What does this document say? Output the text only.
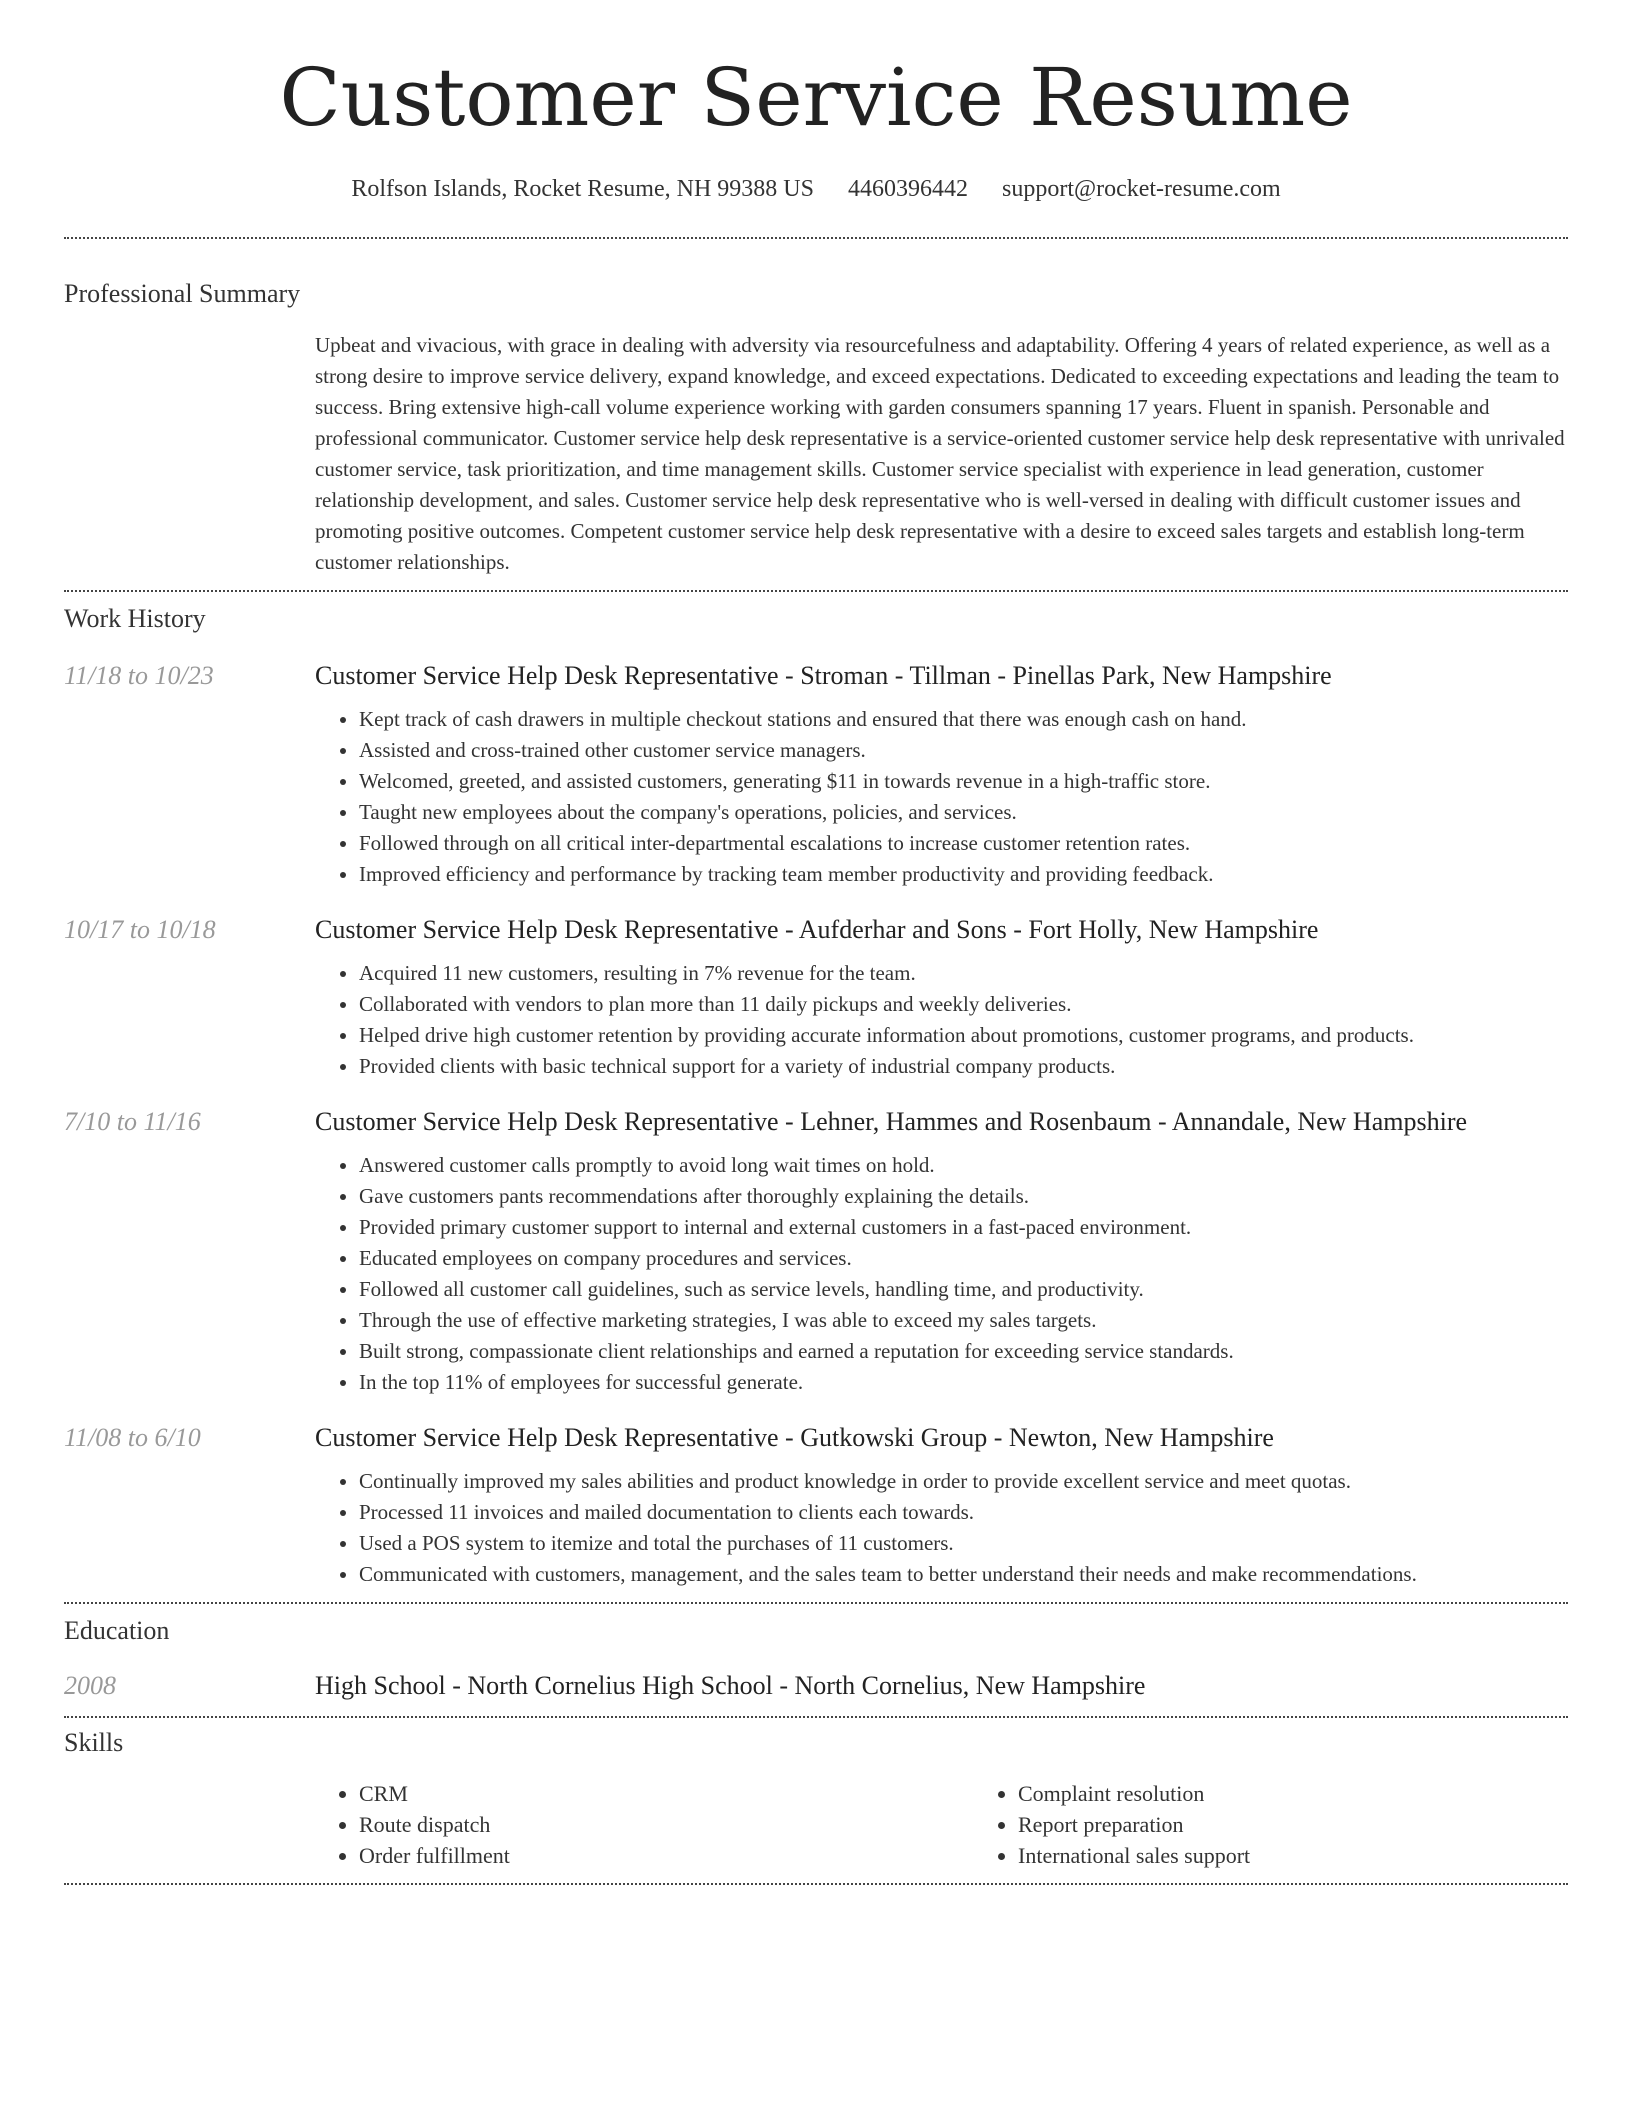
Customer Service Resume
Rolfson Islands, Rocket Resume, NH 99388 US 4460396442 support@rocket-resume.com
Professional Summary

Upbeat and vivacious, with grace in dealing with adversity via resourcefulness and adaptability. Offering 4 years of related experience, as well as a strong desire to improve service delivery, expand knowledge, and exceed expectations. Dedicated to exceeding expectations and leading the team to success. Bring extensive high-call volume experience working with garden consumers spanning 17 years. Fluent in spanish. Personable and professional communicator. Customer service help desk representative is a service-oriented customer service help desk representative with unrivaled customer service, task prioritization, and time management skills. Customer service specialist with experience in lead generation, customer relationship development, and sales. Customer service help desk representative who is well-versed in dealing with difficult customer issues and promoting positive outcomes. Competent customer service help desk representative with a desire to exceed sales targets and establish long-term customer relationships.

Work History
11/18 to 10/23	Customer Service Help Desk Representative - Stroman - Tillman - Pinellas Park, New Hampshire
• Kept track of cash drawers in multiple checkout stations and ensured that there was enough cash on hand.
• Assisted and cross-trained other customer service managers.
• Welcomed, greeted, and assisted customers, generating $11 in towards revenue in a high-traffic store.
• Taught new employees about the company's operations, policies, and services.
• Followed through on all critical inter-departmental escalations to increase customer retention rates.
• Improved efficiency and performance by tracking team member productivity and providing feedback.
10/17 to 10/18	Customer Service Help Desk Representative - Aufderhar and Sons - Fort Holly, New Hampshire
• Acquired 11 new customers, resulting in 7% revenue for the team.
• Collaborated with vendors to plan more than 11 daily pickups and weekly deliveries.
• Helped drive high customer retention by providing accurate information about promotions, customer programs, and products.
• Provided clients with basic technical support for a variety of industrial company products.
7/10 to 11/16	Customer Service Help Desk Representative - Lehner, Hammes and Rosenbaum - Annandale, New Hampshire
• Answered customer calls promptly to avoid long wait times on hold.
• Gave customers pants recommendations after thoroughly explaining the details.
• Provided primary customer support to internal and external customers in a fast-paced environment.
• Educated employees on company procedures and services.
• Followed all customer call guidelines, such as service levels, handling time, and productivity.
• Through the use of effective marketing strategies, I was able to exceed my sales targets.
• Built strong, compassionate client relationships and earned a reputation for exceeding service standards.
• In the top 11% of employees for successful generate.
11/08 to 6/10	Customer Service Help Desk Representative - Gutkowski Group - Newton, New Hampshire
• Continually improved my sales abilities and product knowledge in order to provide excellent service and meet quotas.
• Processed 11 invoices and mailed documentation to clients each towards.
• Used a POS system to itemize and total the purchases of 11 customers.
• Communicated with customers, management, and the sales team to better understand their needs and make recommendations.
Education
2008	High School - North Cornelius High School - North Cornelius, New Hampshire
Skills
• CRM
• Route dispatch
• Order fulfillment
• Complaint resolution
• Report preparation
• International sales support
